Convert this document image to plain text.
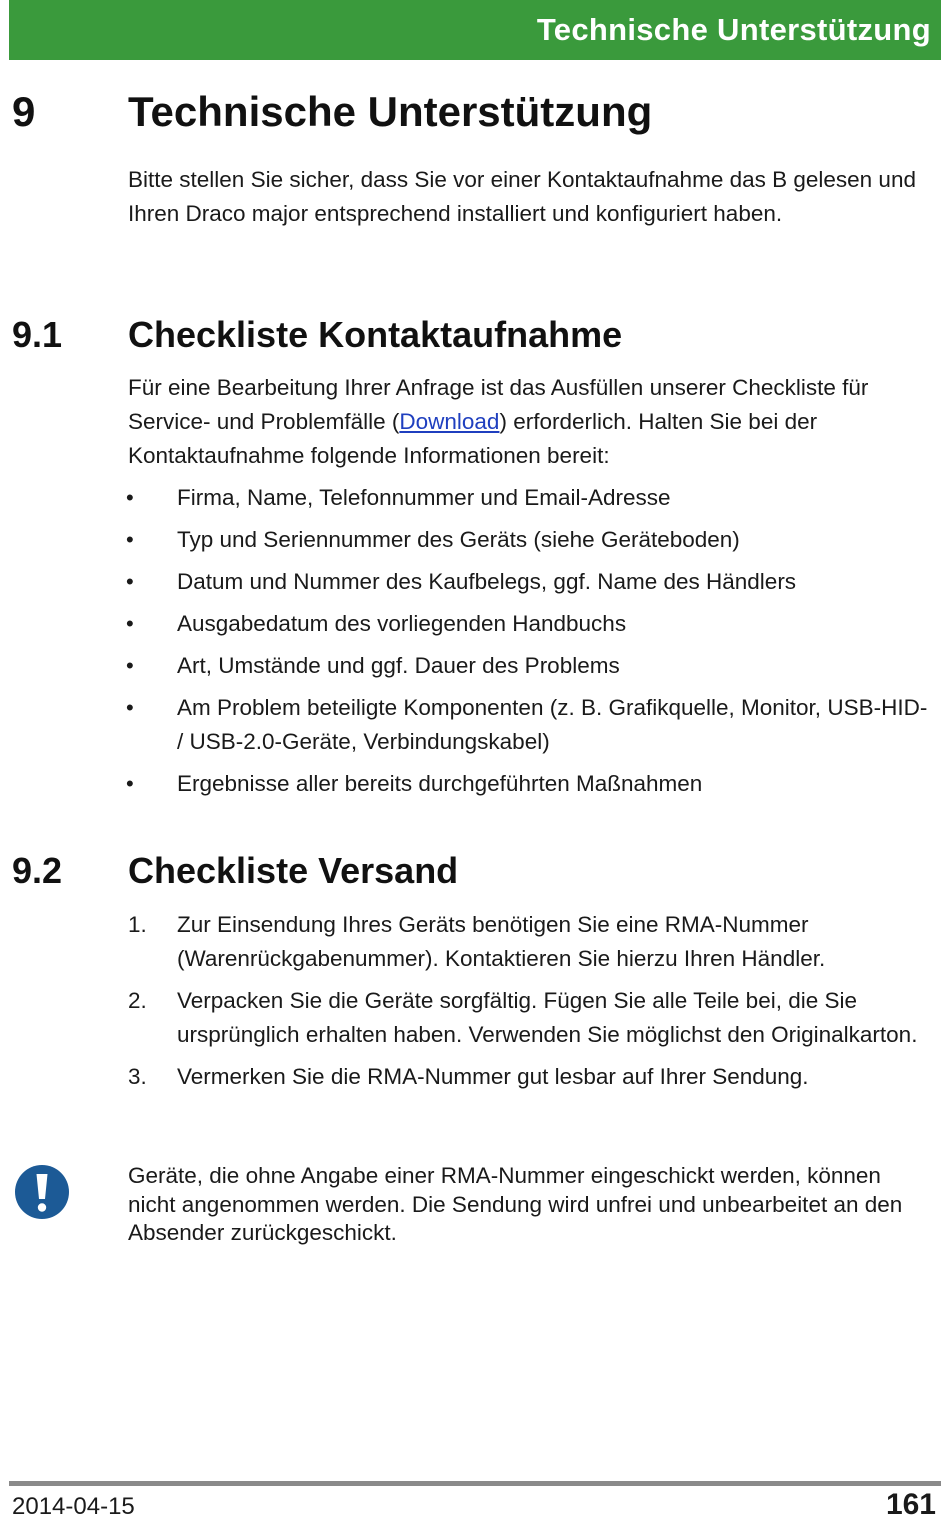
Technische Unterstützung
9 Technische Unterstützung

Bitte stellen Sie sicher, dass Sie vor einer Kontaktaufnahme das B gelesen und Ihren Draco major entsprechend installiert und konfiguriert haben.

9.1 Checkliste Kontaktaufnahme

Für eine Bearbeitung Ihrer Anfrage ist das Ausfüllen unserer Checkliste für Service- und Problemfälle (Download) erforderlich. Halten Sie bei der Kontaktaufnahme folgende Informationen bereit:

• Firma, Name, Telefonnummer und Email-Adresse
• Typ und Seriennummer des Geräts (siehe Geräteboden)
• Datum und Nummer des Kaufbelegs, ggf. Name des Händlers
• Ausgabedatum des vorliegenden Handbuchs
• Art, Umstände und ggf. Dauer des Problems
• Am Problem beteiligte Komponenten (z. B. Grafikquelle, Monitor, USB-HID- / USB-2.0-Geräte, Verbindungskabel)
• Ergebnisse aller bereits durchgeführten Maßnahmen
9.2 Checkliste Versand
1. Zur Einsendung Ihres Geräts benötigen Sie eine RMA-Nummer (Warenrückgabenummer). Kontaktieren Sie hierzu Ihren Händler.
2. Verpacken Sie die Geräte sorgfältig. Fügen Sie alle Teile bei, die Sie ursprünglich erhalten haben. Verwenden Sie möglichst den Originalkarton.
3. Vermerken Sie die RMA-Nummer gut lesbar auf Ihrer Sendung.

Geräte, die ohne Angabe einer RMA-Nummer eingeschickt werden, können nicht angenommen werden. Die Sendung wird unfrei und unbearbeitet an den Absender zurückgeschickt.

2014-04-15	161
